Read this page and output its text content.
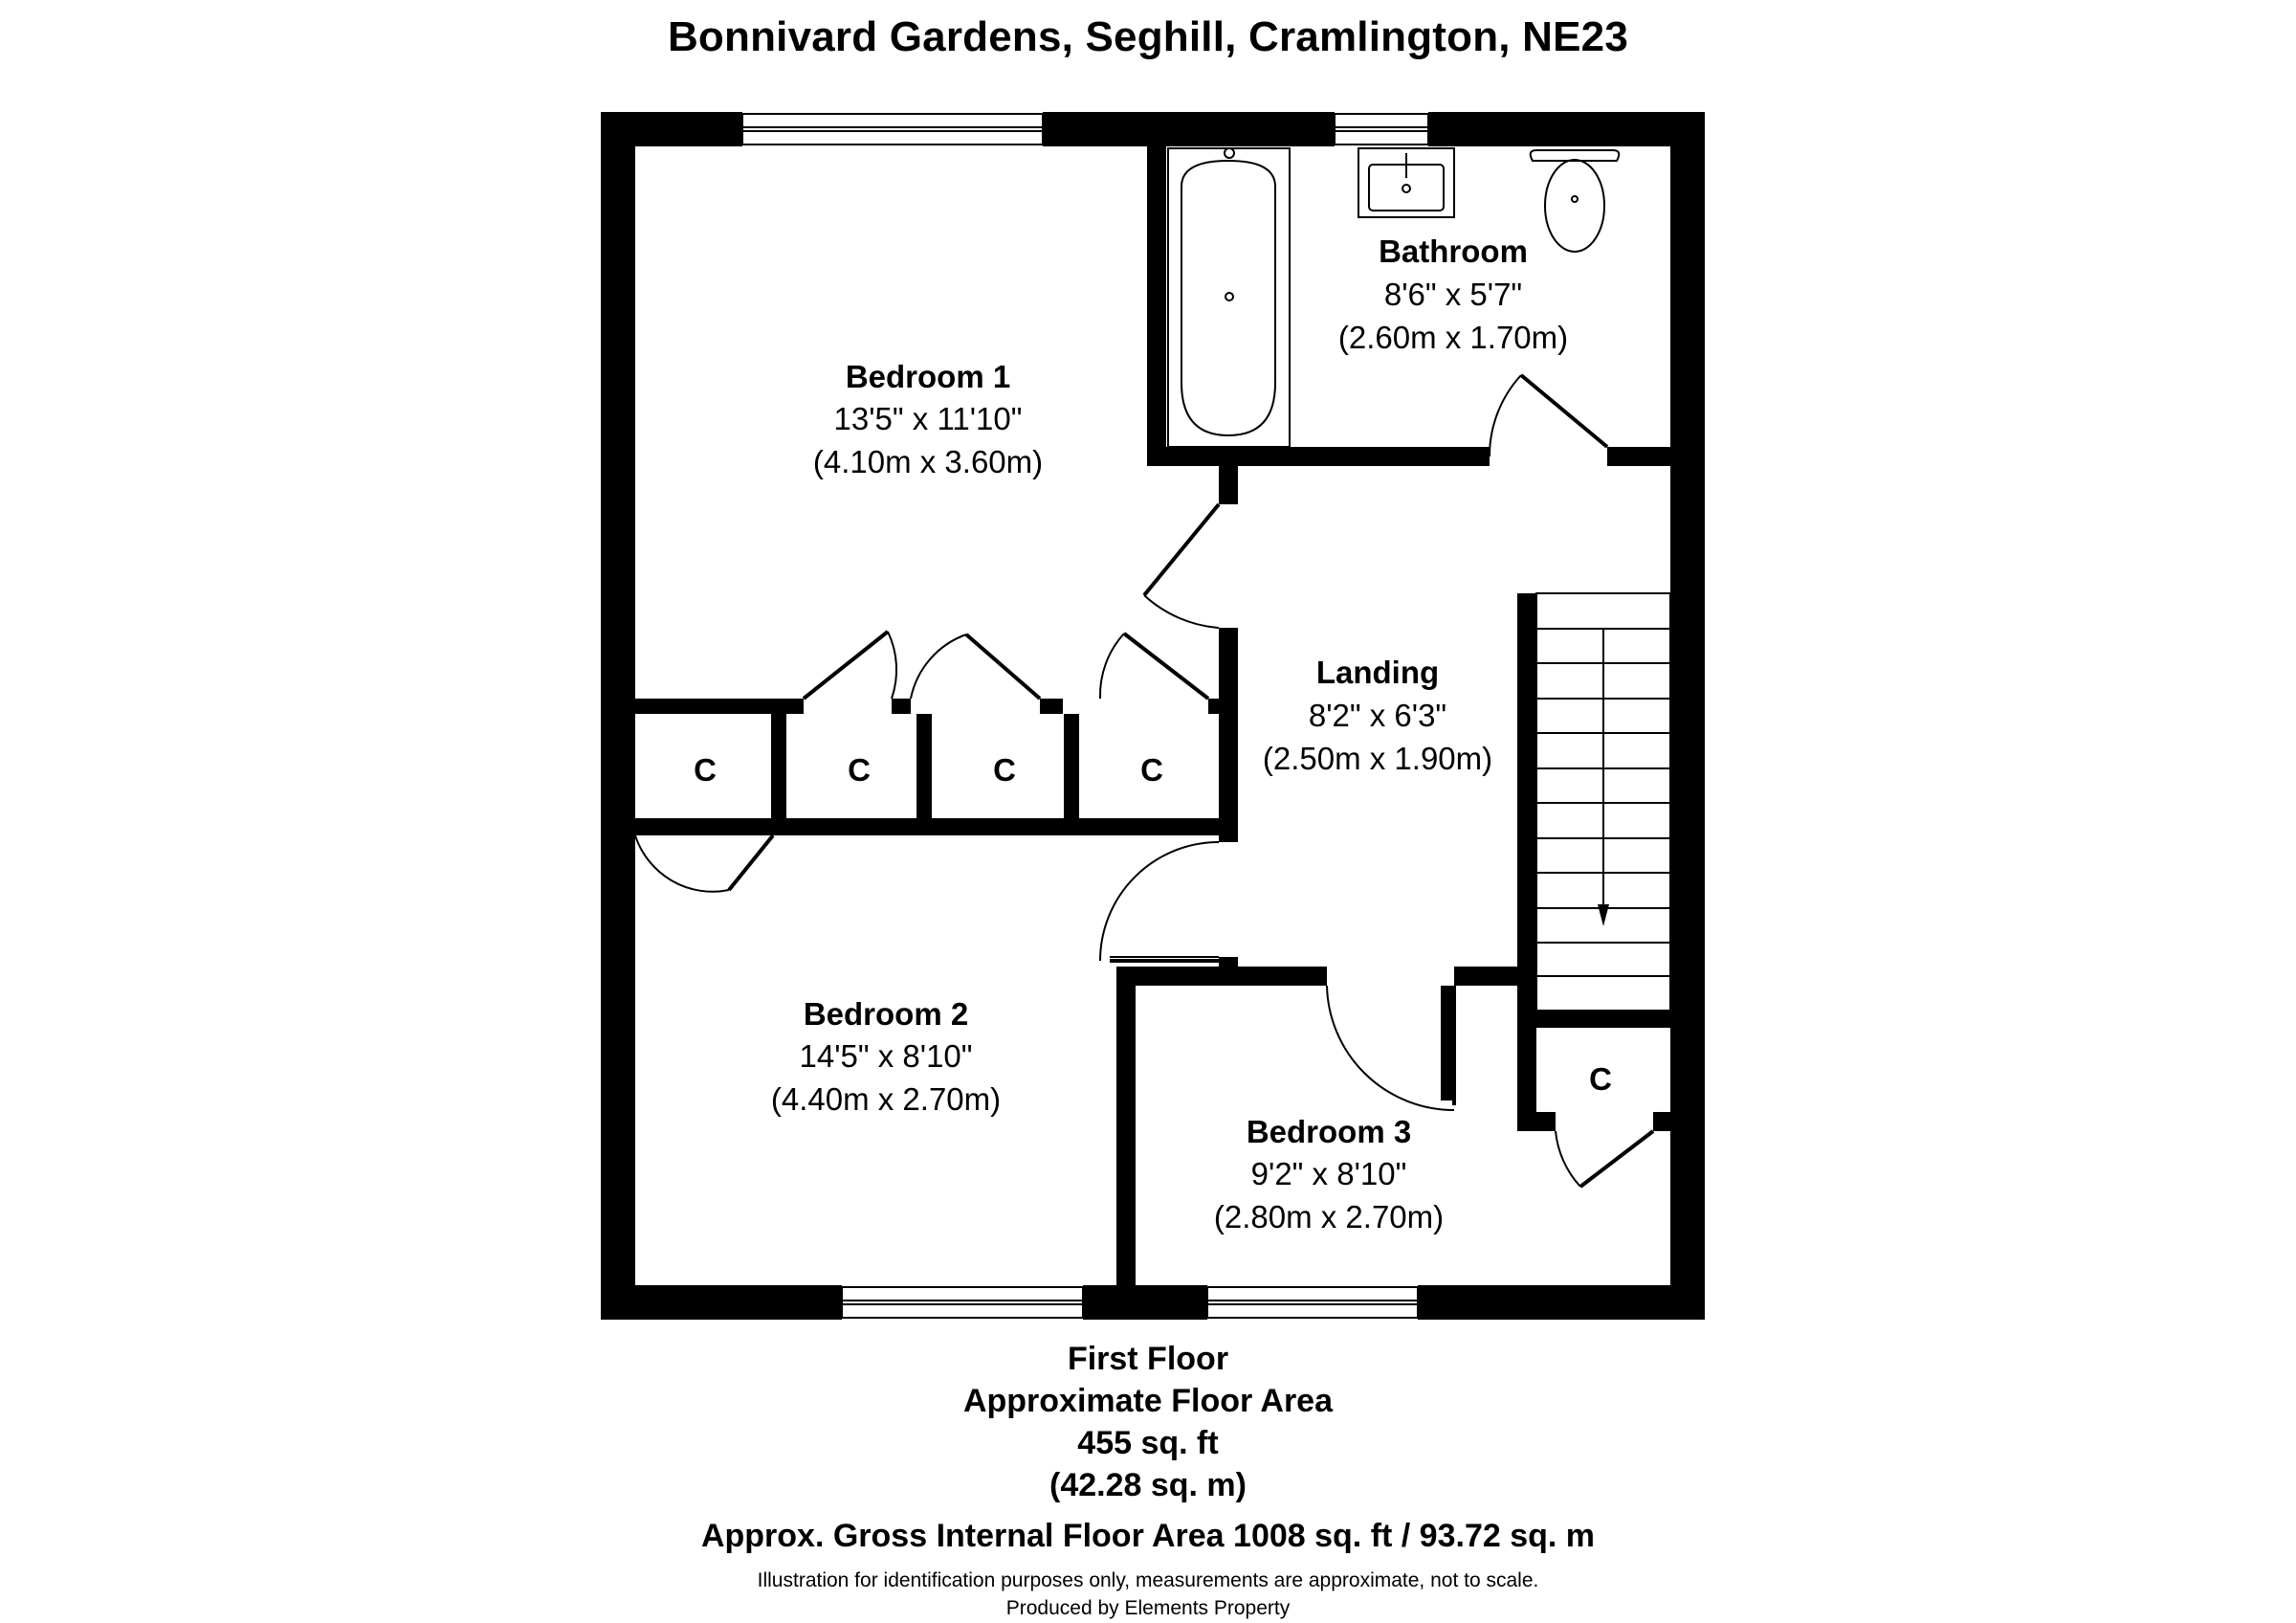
Bonnivard Gardens, Seghill, Cramlington, NE23
Bedroom 1
13'5" x 11'10"
(4.10m x 3.60m)
Bathroom
8'6" x 5'7"
(2.60m x 1.70m)
Landing
8'2" x 6'3"
(2.50m x 1.90m)
Bedroom 2
14'5" x 8'10"
(4.40m x 2.70m)
Bedroom 3
9'2" x 8'10"
(2.80m x 2.70m)
C	C	C	C
C
First Floor
Approximate Floor Area
455 sq. ft
(42.28 sq. m)
Approx. Gross Internal Floor Area 1008 sq. ft / 93.72 sq. m
Illustration for identification purposes only, measurements are approximate, not to scale.
Produced by Elements Property
